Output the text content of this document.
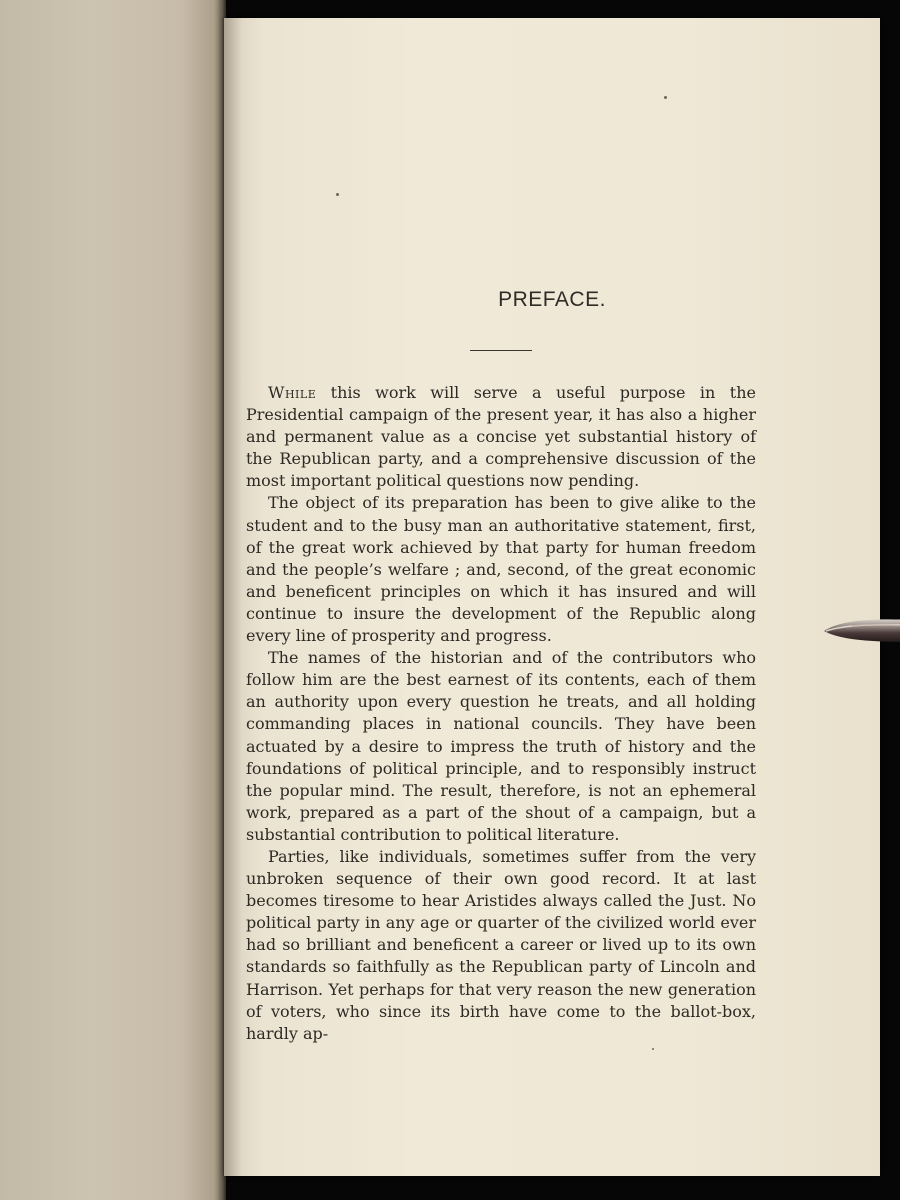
PREFACE.

While this work will serve a useful purpose in the Presidential campaign of the present year, it has also a higher and permanent value as a concise yet substantial history of the Republican party, and a comprehensive discussion of the most important political questions now pending.

The object of its preparation has been to give alike to the student and to the busy man an authoritative statement, first, of the great work achieved by that party for human freedom and the people’s welfare ; and, second, of the great economic and beneficent principles on which it has insured and will continue to insure the development of the Republic along every line of prosperity and progress.

The names of the historian and of the contributors who follow him are the best earnest of its contents, each of them an authority upon every question he treats, and all holding commanding places in national councils. They have been actuated by a desire to impress the truth of history and the foundations of political principle, and to responsibly instruct the popular mind. The result, therefore, is not an ephemeral work, prepared as a part of the shout of a campaign, but a substantial contribution to political literature.

Parties, like individuals, sometimes suffer from the very unbroken sequence of their own good record. It at last becomes tiresome to hear Aristides always called the Just. No political party in any age or quarter of the civilized world ever had so brilliant and beneficent a career or lived up to its own standards so faithfully as the Republican party of Lincoln and Harrison. Yet perhaps for that very reason the new generation of voters, who since its birth have come to the ballot-box, hardly ap-
